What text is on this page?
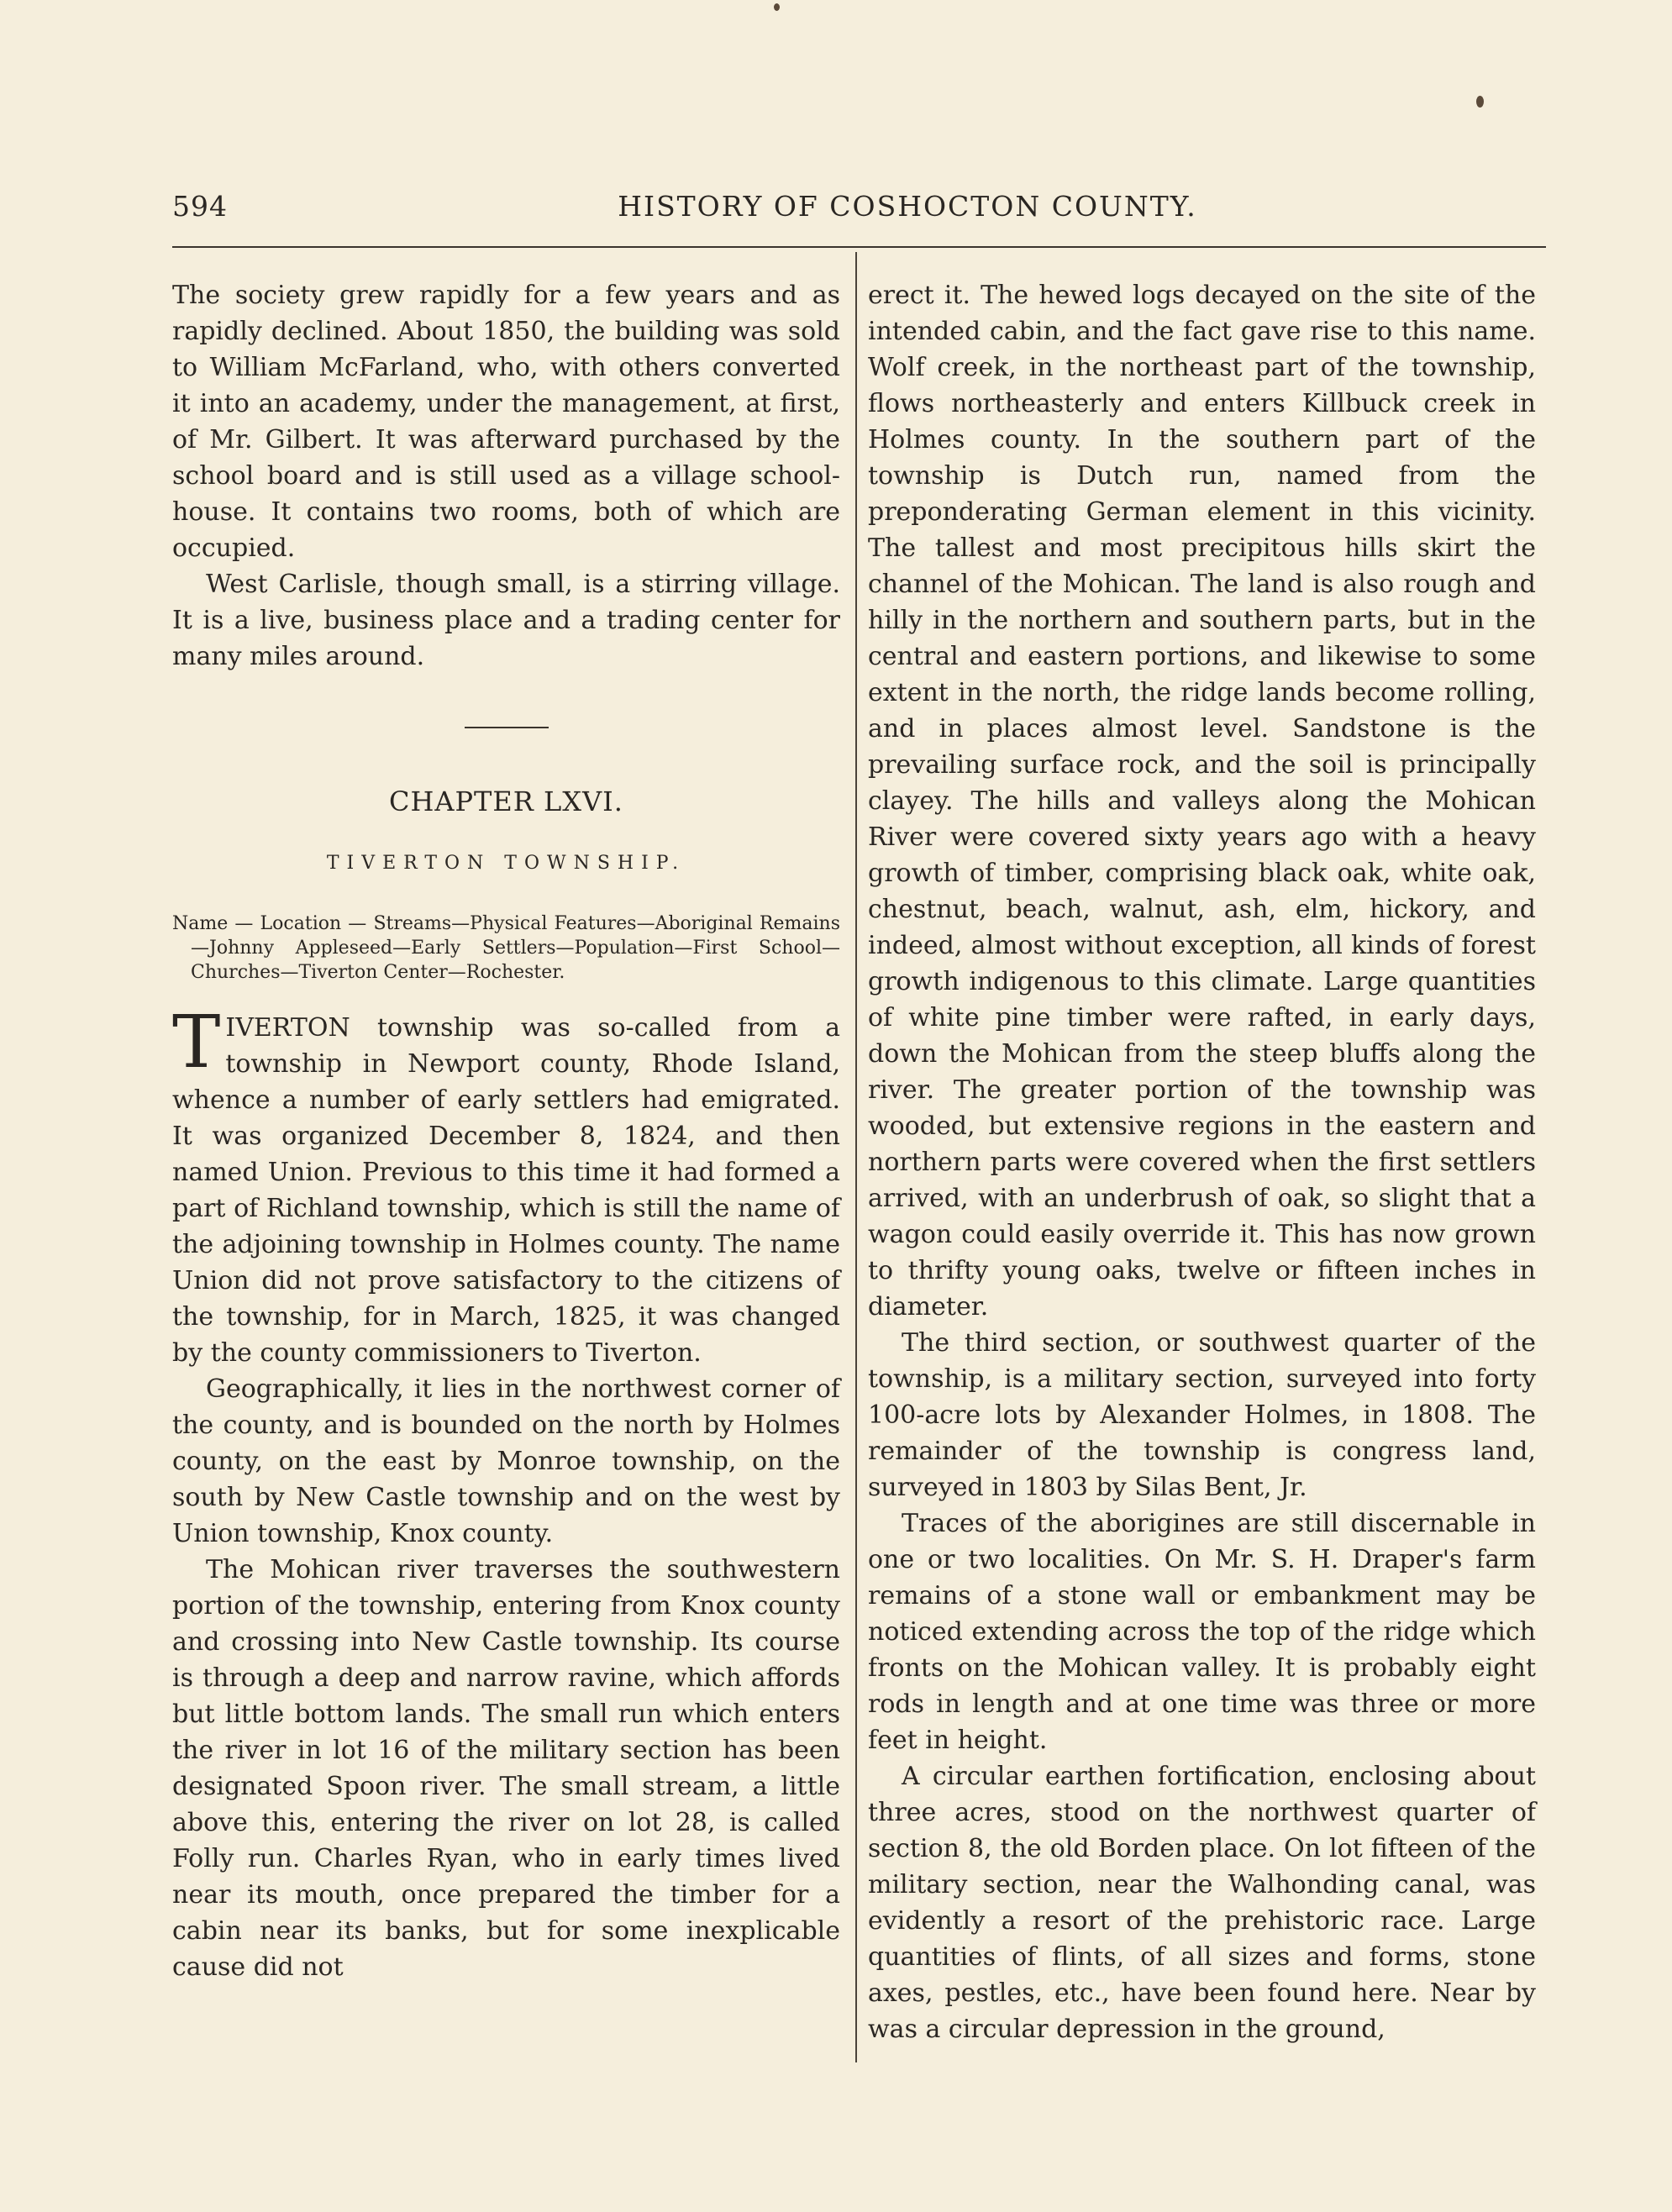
594	HISTORY OF COSHOCTON COUNTY.

The society grew rapidly for a few years and as rapidly declined. About 1850, the building was sold to William McFarland, who, with others converted it into an academy, under the management, at first, of Mr. Gilbert. It was afterward purchased by the school board and is still used as a village school-house. It contains two rooms, both of which are occupied.

West Carlisle, though small, is a stirring village. It is a live, business place and a trading center for many miles around.

CHAPTER LXVI.
TIVERTON TOWNSHIP.
Name — Location — Streams—Physical Features—Aboriginal Remains—Johnny Appleseed—Early Settlers—Population—First School—Churches—Tiverton Center—Rochester.

TIVERTON township was so-called from a township in Newport county, Rhode Island, whence a number of early settlers had emigrated. It was organized December 8, 1824, and then named Union. Previous to this time it had formed a part of Richland township, which is still the name of the adjoining township in Holmes county. The name Union did not prove satisfactory to the citizens of the township, for in March, 1825, it was changed by the county commissioners to Tiverton.

Geographically, it lies in the northwest corner of the county, and is bounded on the north by Holmes county, on the east by Monroe township, on the south by New Castle township and on the west by Union township, Knox county.

The Mohican river traverses the southwestern portion of the township, entering from Knox county and crossing into New Castle township. Its course is through a deep and narrow ravine, which affords but little bottom lands. The small run which enters the river in lot 16 of the military section has been designated Spoon river. The small stream, a little above this, entering the river on lot 28, is called Folly run. Charles Ryan, who in early times lived near its mouth, once prepared the timber for a cabin near its banks, but for some inexplicable cause did not

erect it. The hewed logs decayed on the site of the intended cabin, and the fact gave rise to this name. Wolf creek, in the northeast part of the township, flows northeasterly and enters Killbuck creek in Holmes county. In the southern part of the township is Dutch run, named from the preponderating German element in this vicinity. The tallest and most precipitous hills skirt the channel of the Mohican. The land is also rough and hilly in the northern and southern parts, but in the central and eastern portions, and likewise to some extent in the north, the ridge lands become rolling, and in places almost level. Sandstone is the prevailing surface rock, and the soil is principally clayey. The hills and valleys along the Mohican River were covered sixty years ago with a heavy growth of timber, comprising black oak, white oak, chestnut, beach, walnut, ash, elm, hickory, and indeed, almost without exception, all kinds of forest growth indigenous to this climate. Large quantities of white pine timber were rafted, in early days, down the Mohican from the steep bluffs along the river. The greater portion of the township was wooded, but extensive regions in the eastern and northern parts were covered when the first settlers arrived, with an underbrush of oak, so slight that a wagon could easily override it. This has now grown to thrifty young oaks, twelve or fifteen inches in diameter.

The third section, or southwest quarter of the township, is a military section, surveyed into forty 100-acre lots by Alexander Holmes, in 1808. The remainder of the township is congress land, surveyed in 1803 by Silas Bent, Jr.

Traces of the aborigines are still discernable in one or two localities. On Mr. S. H. Draper's farm remains of a stone wall or embankment may be noticed extending across the top of the ridge which fronts on the Mohican valley. It is probably eight rods in length and at one time was three or more feet in height.

A circular earthen fortification, enclosing about three acres, stood on the northwest quarter of section 8, the old Borden place. On lot fifteen of the military section, near the Walhonding canal, was evidently a resort of the prehistoric race. Large quantities of flints, of all sizes and forms, stone axes, pestles, etc., have been found here. Near by was a circular depression in the ground,
